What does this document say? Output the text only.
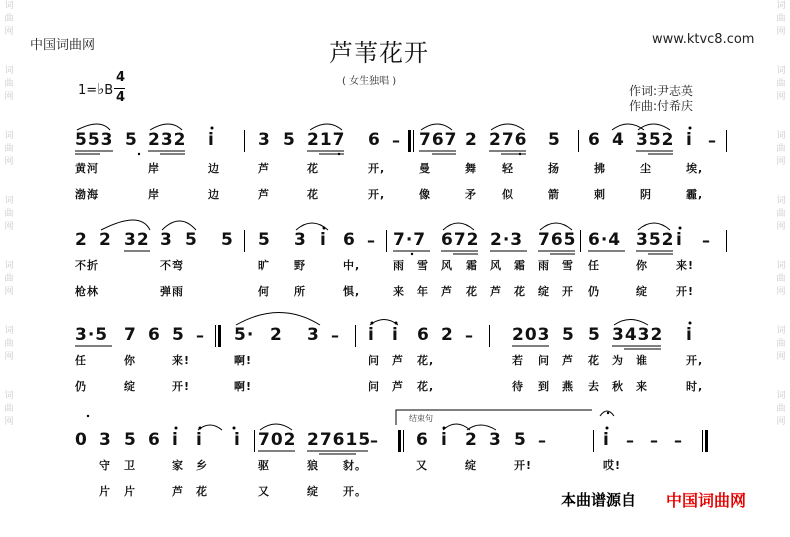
词
曲
网

词
曲
网

词
曲
网

词
曲
网

词
曲
网

词
曲
网

词
曲
网
词
曲
网

词
曲
网

词
曲
网

词
曲
网

词
曲
网

词
曲
网

词
曲
网
中国词曲网	www.ktvc8.com
芦苇花开
( 女生独唱 )
作词:尹志英
作曲:付希庆
1=♭B
4
4
553 5 232 i	3 5 217 6 – 767 2 276 5 6 4 352 i –
黄河	岸	边	芦	花	开,	曼	舞 轻	扬	拂	尘	埃,
渤海	岸	边	芦	花	开,	像	矛 似	箭	刺	阴	霾,
2 2 32 3 5 5 5 3 i 6 – 7·7 672 2·3 765 6·4 352 i –
不折	不弯	旷 野	中,	雨 雪 风 霜 风 霜 雨 雪 任	你	来!
枪林	弹雨	何 所	惧,	来 年 芦 花 芦 花 绽 开 仍	绽	开!
3·5 7 6 5 – 5· 2 3 – i i 6 2 – 203 5 5 3432 i
任	你	来!	啊!	问 芦 花,	若 问 芦 花 为 谁	开,
仍	绽	开!	啊!	问 芦 花,	待 到 燕 去 秋 来	时,
结束句
0 3 5 6 i i i 702 27615
– 6 i 2 3 5 –	i – – –
守 卫	家 乡	驱	狼 豺。	又	绽	开!	哎!
片 片	芦 花	又	绽 开。	本曲谱源自 中国词曲网
